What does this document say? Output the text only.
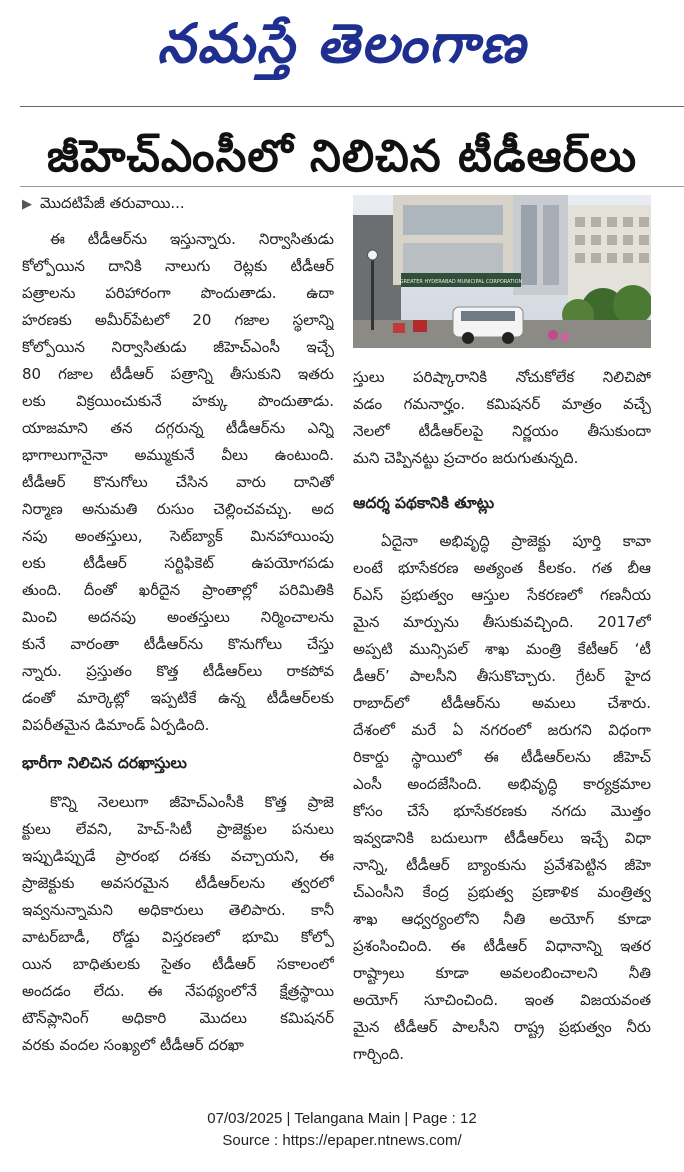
నమస్తే తెలంగాణ
జీహెచ్ఎంసీలో నిలిచిన టీడీఆర్‌లు
▶ మొదటిపేజీ తరువాయి...
ఈ టీడీఆర్‌ను ఇస్తున్నారు. నిర్వాసితుడు
కోల్పోయిన దానికి నాలుగు రెట్లకు టీడీఆర్
పత్రాలను పరిహారంగా పొందుతాడు. ఉదా
హరణకు అమీర్‌పేటలో 20 గజాల స్థలాన్ని
కోల్పోయిన నిర్వాసితుడు జీహెచ్ఎంసీ ఇచ్చే
80 గజాల టీడీఆర్ పత్రాన్ని తీసుకుని ఇతరు
లకు విక్రయించుకునే హక్కు పొందుతాడు.
యాజమాని తన దగ్గరున్న టీడీఆర్‌ను ఎన్ని
భాగాలుగానైనా అమ్ముకునే వీలు ఉంటుంది.
టీడీఆర్ కొనుగోలు చేసిన వారు దానితో
నిర్మాణ అనుమతి రుసుం చెల్లించవచ్చు. అద
నపు అంతస్తులు, సెట్‌బ్యాక్ మినహాయింపు
లకు టీడీఆర్ సర్టిఫికెట్ ఉపయోగపడు
తుంది. దీంతో ఖరీదైన ప్రాంతాల్లో పరిమితికి
మించి అదనపు అంతస్తులు నిర్మించాలను
కునే వారంతా టీడీఆర్‌ను కొనుగోలు చేస్తు
న్నారు. ప్రస్తుతం కొత్త టీడీఆర్‌లు రాకపోవ
డంతో మార్కెట్లో ఇప్పటికే ఉన్న టీడీఆర్‌లకు
విపరీతమైన డిమాండ్ ఏర్పడింది.
భారీగా నిలిచిన దరఖాస్తులు
కొన్ని నెలలుగా జీహెచ్ఎంసీకి కొత్త ప్రాజె
క్టులు లేవని, హెచ్-సిటీ ప్రాజెక్టుల పనులు
ఇప్పుడిప్పుడే ప్రారంభ దశకు వచ్చాయని, ఈ
ప్రాజెక్టుకు అవసరమైన టీడీఆర్‌లను త్వరలో
ఇవ్వనున్నామని అధికారులు తెలిపారు. కానీ
వాటర్‌బాడీ, రోడ్డు విస్తరణలో భూమి కోల్పో
యిన బాధితులకు సైతం టీడీఆర్ సకాలంలో
అందడం లేదు. ఈ నేపథ్యంలోనే క్షేత్రస్థాయి
టౌన్‌ప్లానింగ్ అధికారి మొదలు కమిషనర్
వరకు వందల సంఖ్యలో టీడీఆర్ దరఖా
GREATER HYDERABAD MUNICIPAL CORPORATION
స్తులు పరిష్కారానికి నోచుకోలేక నిలిచిపో
వడం గమనార్హం. కమిషనర్ మాత్రం వచ్చే
నెలలో టీడీఆర్‌లపై నిర్ణయం తీసుకుందా
మని చెప్పినట్టు ప్రచారం జరుగుతున్నది.
ఆదర్శ పథకానికి తూట్లు
ఏదైనా అభివృద్ధి ప్రాజెక్టు పూర్తి కావా
లంటే భూసేకరణ అత్యంత కీలకం. గత బీఆ
ర్ఎస్ ప్రభుత్వం ఆస్తుల సేకరణలో గణనీయ
మైన మార్పును తీసుకువచ్చింది. 2017లో
అప్పటి మున్సిపల్ శాఖ మంత్రి కేటీఆర్ ‘టీ
డీఆర్’ పాలసీని తీసుకొచ్చారు. గ్రేటర్ హైద
రాబాద్‌లో టీడీఆర్‌ను అమలు చేశారు.
దేశంలో మరే ఏ నగరంలో జరుగని విధంగా
రికార్డు స్థాయిలో ఈ టీడీఆర్‌లను జీహెచ్
ఎంసీ అందజేసింది. అభివృద్ధి కార్యక్రమాల
కోసం చేసే భూసేకరణకు నగదు మొత్తం
ఇవ్వడానికి బదులుగా టీడీఆర్‌లు ఇచ్చే విధా
నాన్ని, టీడీఆర్ బ్యాంకును ప్రవేశపెట్టిన జీహె
చ్ఎంసీని కేంద్ర ప్రభుత్వ ప్రణాళిక మంత్రిత్వ
శాఖ ఆధ్వర్యంలోని నీతి అయోగ్ కూడా
ప్రశంసించింది. ఈ టీడీఆర్ విధానాన్ని ఇతర
రాష్ట్రాలు కూడా అవలంబించాలని నీతి
అయోగ్ సూచించింది. ఇంత విజయవంత
మైన టీడీఆర్ పాలసీని రాష్ట్ర ప్రభుత్వం నీరు
గార్చింది.
07/03/2025 | Telangana Main | Page : 12
Source : https://epaper.ntnews.com/
